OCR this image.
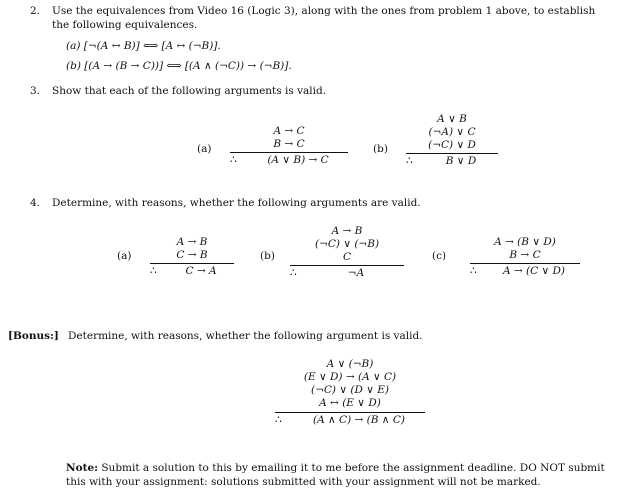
2. Use the equivalences from Video 16 (Logic 3), along with the ones from problem 1 above, to establish
the following equivalences.
(a) [¬(A ↔ B)] ⟺ [A ↔ (¬B)].
(b) [(A → (B → C))] ⟺ [(A ∧ (¬C)) → (¬B)].
3. Show that each of the following arguments is valid.
(a)
A → C
B → C
∴	(A ∨ B) → C
(b)
A ∨ B
(¬A) ∨ C
(¬C) ∨ D
∴	B ∨ D
4. Determine, with reasons, whether the following arguments are valid.
(a)
A → B
C → B
∴	C → A
(b)
A → B
(¬C) ∨ (¬B)
C
∴	¬A
(c)
A → (B ∨ D)
B → C
∴	A → (C ∨ D)
[Bonus:] Determine, with reasons, whether the following argument is valid.
A ∨ (¬B)
(E ∨ D) → (A ∨ C)
(¬C) ∨ (D ∨ E)
A ↔ (E ∨ D)
∴	(A ∧ C) → (B ∧ C)
Note: Submit a solution to this by emailing it to me before the assignment deadline. DO NOT submit
this with your assignment: solutions submitted with your assignment will not be marked.
